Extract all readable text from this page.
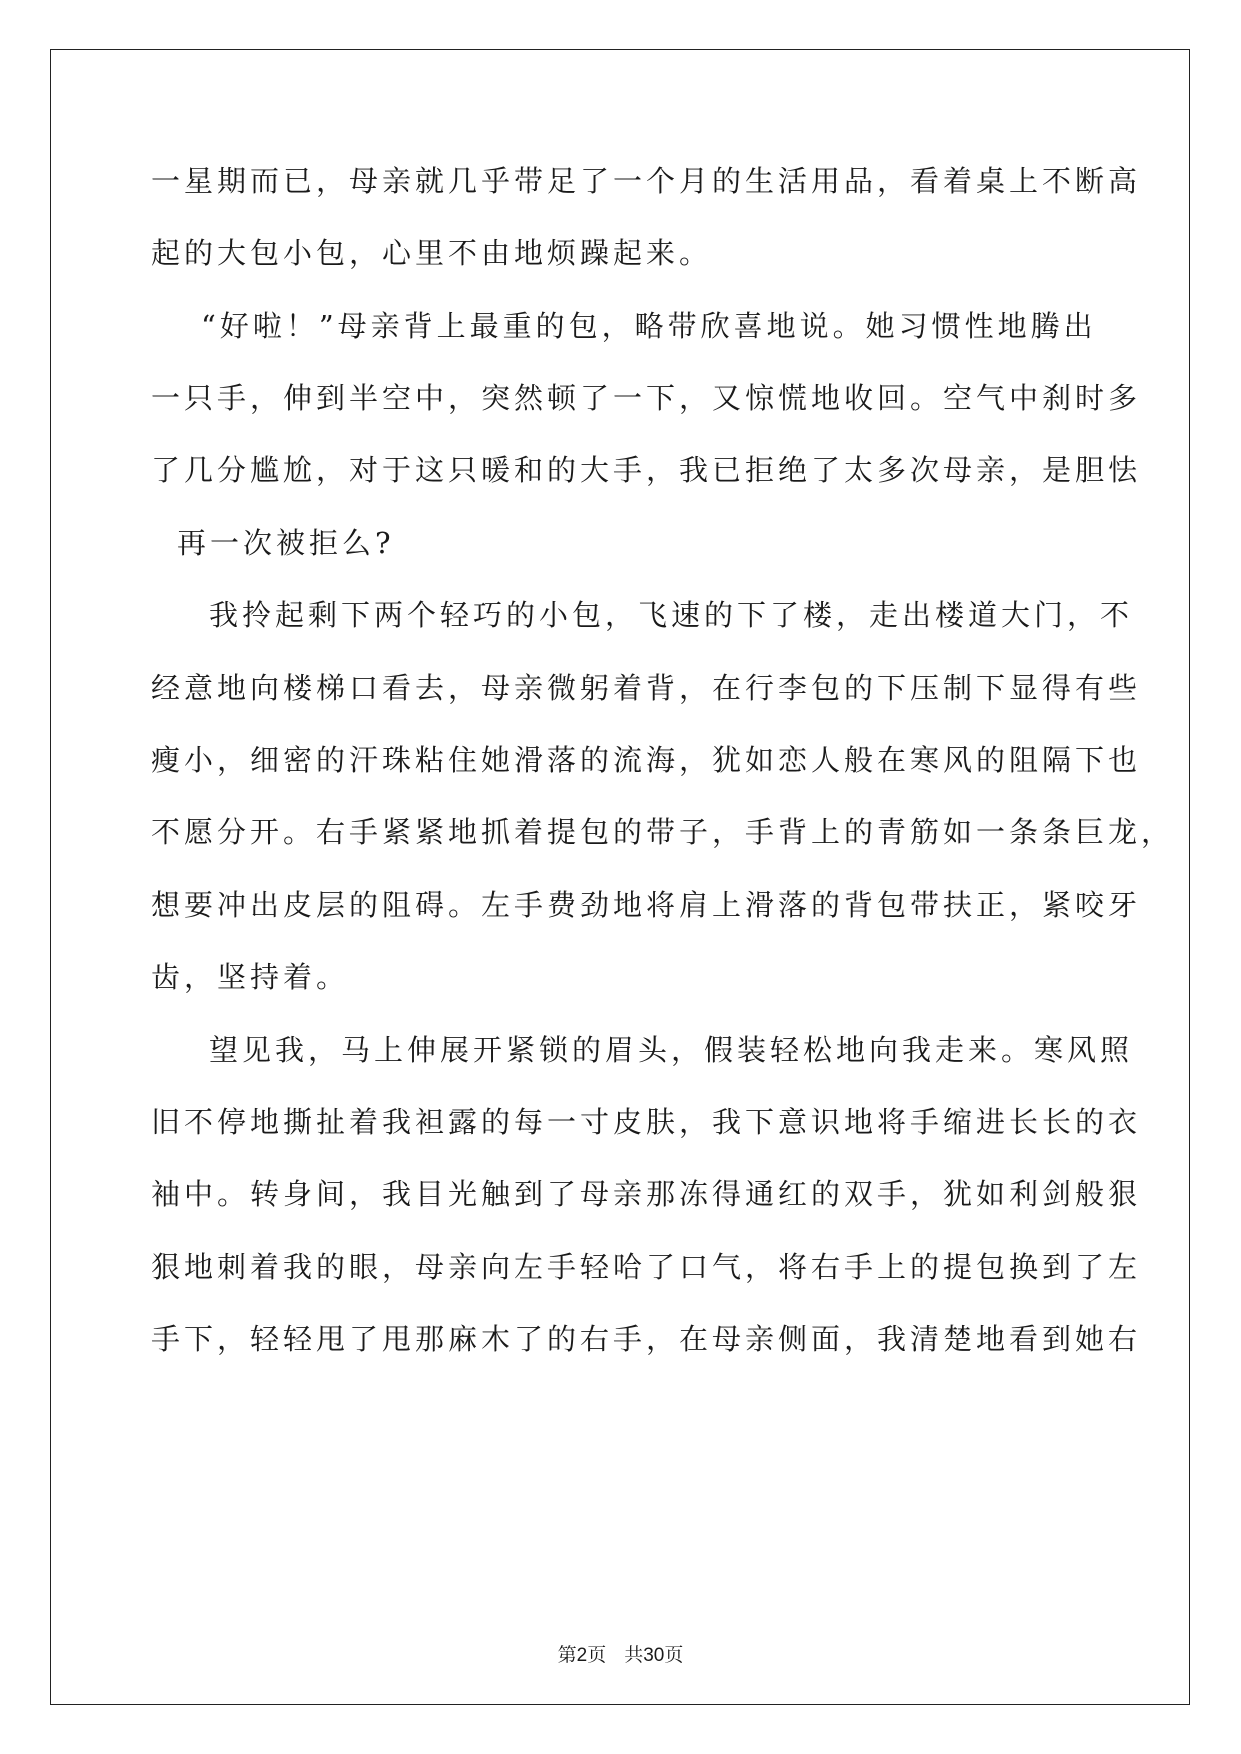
一星期而已，母亲就几乎带足了一个月的生活用品，看着桌上不断高
起的大包小包，心里不由地烦躁起来。
“好啦！”母亲背上最重的包，略带欣喜地说。她习惯性地腾出
一只手，伸到半空中，突然顿了一下，又惊慌地收回。空气中刹时多
了几分尴尬，对于这只暖和的大手，我已拒绝了太多次母亲，是胆怯
再一次被拒么?
我拎起剩下两个轻巧的小包，飞速的下了楼，走出楼道大门，不
经意地向楼梯口看去，母亲微躬着背，在行李包的下压制下显得有些
瘦小，细密的汗珠粘住她滑落的流海，犹如恋人般在寒风的阻隔下也
不愿分开。右手紧紧地抓着提包的带子，手背上的青筋如一条条巨龙，
想要冲出皮层的阻碍。左手费劲地将肩上滑落的背包带扶正，紧咬牙
齿，坚持着。
望见我，马上伸展开紧锁的眉头，假装轻松地向我走来。寒风照
旧不停地撕扯着我袒露的每一寸皮肤，我下意识地将手缩进长长的衣
袖中。转身间，我目光触到了母亲那冻得通红的双手，犹如利剑般狠
狠地刺着我的眼，母亲向左手轻哈了口气，将右手上的提包换到了左
手下，轻轻甩了甩那麻木了的右手，在母亲侧面，我清楚地看到她右
第2页 共30页
